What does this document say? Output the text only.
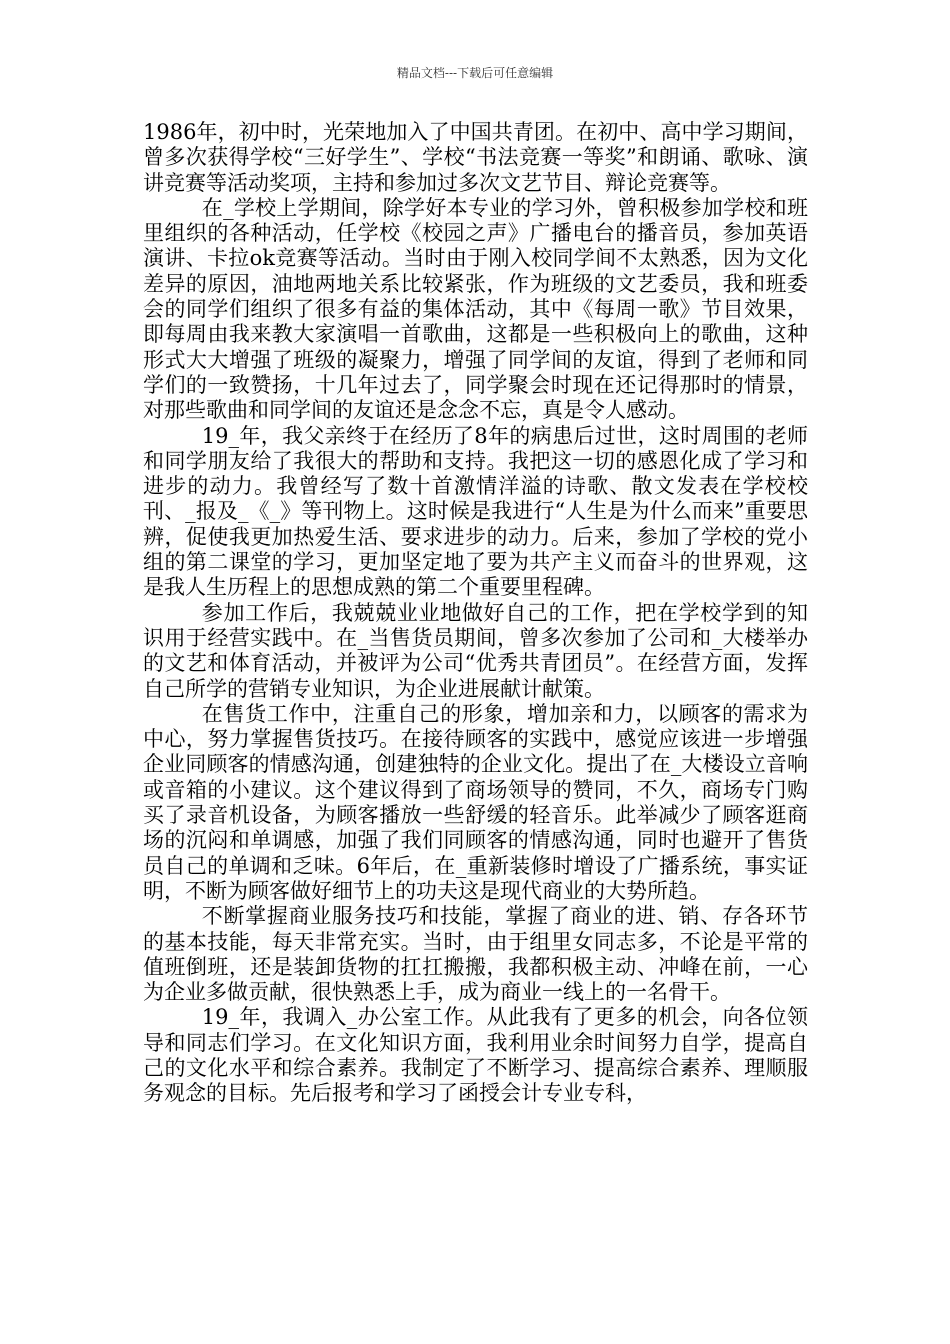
精品文档---下载后可任意编辑

1986年，初中时，光荣地加入了中国共青团。在初中、高中学习期间，曾多次获得学校“三好学生”、学校“书法竞赛一等奖”和朗诵、歌咏、演讲竞赛等活动奖项，主持和参加过多次文艺节目、辩论竞赛等。

在_学校上学期间，除学好本专业的学习外，曾积极参加学校和班里组织的各种活动，任学校《校园之声》广播电台的播音员，参加英语演讲、卡拉ok竞赛等活动。当时由于刚入校同学间不太熟悉，因为文化差异的原因，油地两地关系比较紧张，作为班级的文艺委员，我和班委会的同学们组织了很多有益的集体活动，其中《每周一歌》节目效果，即每周由我来教大家演唱一首歌曲，这都是一些积极向上的歌曲，这种形式大大增强了班级的凝聚力，增强了同学间的友谊，得到了老师和同学们的一致赞扬，十几年过去了，同学聚会时现在还记得那时的情景，对那些歌曲和同学间的友谊还是念念不忘，真是令人感动。

19_年，我父亲终于在经历了8年的病患后过世，这时周围的老师和同学朋友给了我很大的帮助和支持。我把这一切的感恩化成了学习和进步的动力。我曾经写了数十首激情洋溢的诗歌、散文发表在学校校刊、_报及_《_》等刊物上。这时候是我进行“人生是为什么而来”重要思辨，促使我更加热爱生活、要求进步的动力。后来，参加了学校的党小组的第二课堂的学习，更加坚定地了要为共产主义而奋斗的世界观，这是我人生历程上的思想成熟的第二个重要里程碑。

参加工作后，我兢兢业业地做好自己的工作，把在学校学到的知识用于经营实践中。在_当售货员期间，曾多次参加了公司和_大楼举办的文艺和体育活动，并被评为公司“优秀共青团员”。在经营方面，发挥自己所学的营销专业知识，为企业进展献计献策。

在售货工作中，注重自己的形象，增加亲和力，以顾客的需求为中心，努力掌握售货技巧。在接待顾客的实践中，感觉应该进一步增强企业同顾客的情感沟通，创建独特的企业文化。提出了在_大楼设立音响或音箱的小建议。这个建议得到了商场领导的赞同，不久，商场专门购买了录音机设备，为顾客播放一些舒缓的轻音乐。此举减少了顾客逛商场的沉闷和单调感，加强了我们同顾客的情感沟通，同时也避开了售货员自己的单调和乏味。6年后，在_重新装修时增设了广播系统，事实证明，不断为顾客做好细节上的功夫这是现代商业的大势所趋。

不断掌握商业服务技巧和技能，掌握了商业的进、销、存各环节的基本技能，每天非常充实。当时，由于组里女同志多，不论是平常的值班倒班，还是装卸货物的扛扛搬搬，我都积极主动、冲峰在前，一心为企业多做贡献，很快熟悉上手，成为商业一线上的一名骨干。

19_年，我调入_办公室工作。从此我有了更多的机会，向各位领导和同志们学习。在文化知识方面，我利用业余时间努力自学，提高自己的文化水平和综合素养。我制定了不断学习、提高综合素养、理顺服务观念的目标。先后报考和学习了函授会计专业专科，
